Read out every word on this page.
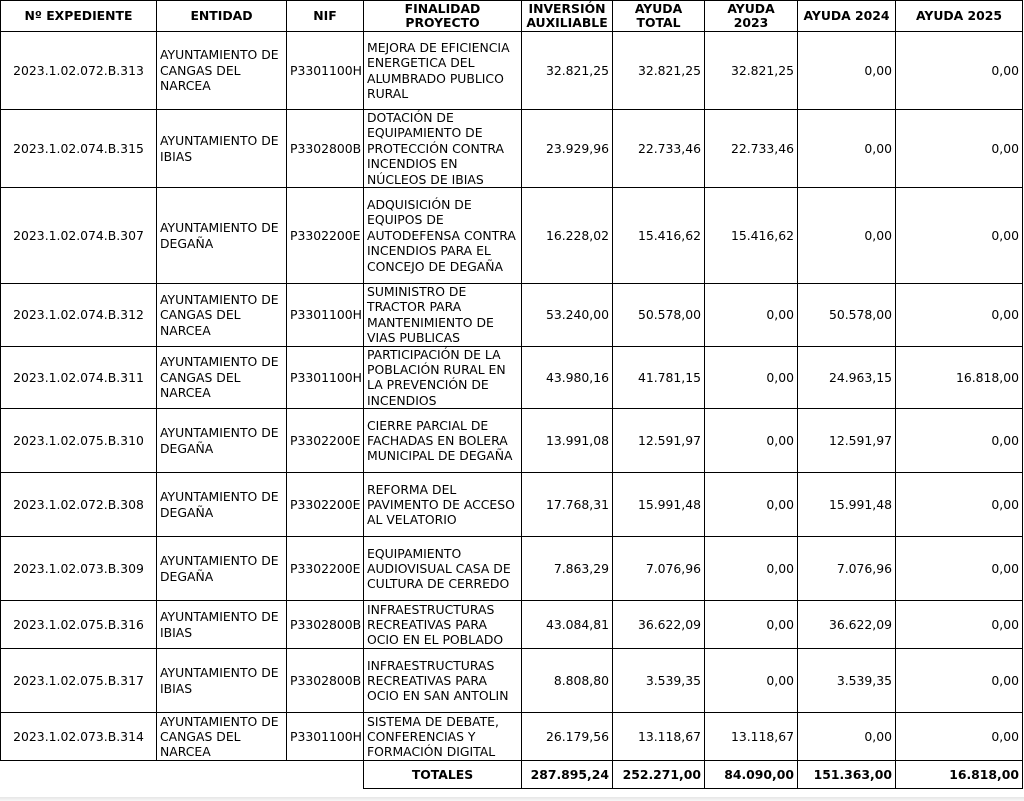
Nº EXPEDIENTE	ENTIDAD	NIF	FINALIDAD PROYECTO	INVERSIÓN AUXILIABLE	AYUDA TOTAL	AYUDA 2023	AYUDA 2024	AYUDA 2025
2023.1.02.072.B.313	AYUNTAMIENTO DE CANGAS DEL NARCEA	P3301100H	MEJORA DE EFICIENCIA ENERGETICA DEL ALUMBRADO PUBLICO RURAL	32.821,25	32.821,25	32.821,25	0,00	0,00
2023.1.02.074.B.315	AYUNTAMIENTO DE IBIAS	P3302800B	DOTACIÓN DE EQUIPAMIENTO DE PROTECCIÓN CONTRA INCENDIOS EN NÚCLEOS DE IBIAS	23.929,96	22.733,46	22.733,46	0,00	0,00
2023.1.02.074.B.307	AYUNTAMIENTO DE DEGAÑA	P3302200E	ADQUISICIÓN DE EQUIPOS DE AUTODEFENSA CONTRA INCENDIOS PARA EL CONCEJO DE DEGAÑA	16.228,02	15.416,62	15.416,62	0,00	0,00
2023.1.02.074.B.312	AYUNTAMIENTO DE CANGAS DEL NARCEA	P3301100H	SUMINISTRO DE TRACTOR PARA MANTENIMIENTO DE VIAS PUBLICAS	53.240,00	50.578,00	0,00	50.578,00	0,00
2023.1.02.074.B.311	AYUNTAMIENTO DE CANGAS DEL NARCEA	P3301100H	PARTICIPACIÓN DE LA POBLACIÓN RURAL EN LA PREVENCIÓN DE INCENDIOS	43.980,16	41.781,15	0,00	24.963,15	16.818,00
2023.1.02.075.B.310	AYUNTAMIENTO DE DEGAÑA	P3302200E	CIERRE PARCIAL DE FACHADAS EN BOLERA MUNICIPAL DE DEGAÑA	13.991,08	12.591,97	0,00	12.591,97	0,00
2023.1.02.072.B.308	AYUNTAMIENTO DE DEGAÑA	P3302200E	REFORMA DEL PAVIMENTO DE ACCESO AL VELATORIO	17.768,31	15.991,48	0,00	15.991,48	0,00
2023.1.02.073.B.309	AYUNTAMIENTO DE DEGAÑA	P3302200E	EQUIPAMIENTO AUDIOVISUAL CASA DE CULTURA DE CERREDO	7.863,29	7.076,96	0,00	7.076,96	0,00
2023.1.02.075.B.316	AYUNTAMIENTO DE IBIAS	P3302800B	INFRAESTRUCTURAS RECREATIVAS PARA OCIO EN EL POBLADO	43.084,81	36.622,09	0,00	36.622,09	0,00
2023.1.02.075.B.317	AYUNTAMIENTO DE IBIAS	P3302800B	INFRAESTRUCTURAS RECREATIVAS PARA OCIO EN SAN ANTOLIN	8.808,80	3.539,35	0,00	3.539,35	0,00
2023.1.02.073.B.314	AYUNTAMIENTO DE CANGAS DEL NARCEA	P3301100H	SISTEMA DE DEBATE, CONFERENCIAS Y FORMACIÓN DIGITAL	26.179,56	13.118,67	13.118,67	0,00	0,00
			TOTALES	287.895,24	252.271,00	84.090,00	151.363,00	16.818,00
